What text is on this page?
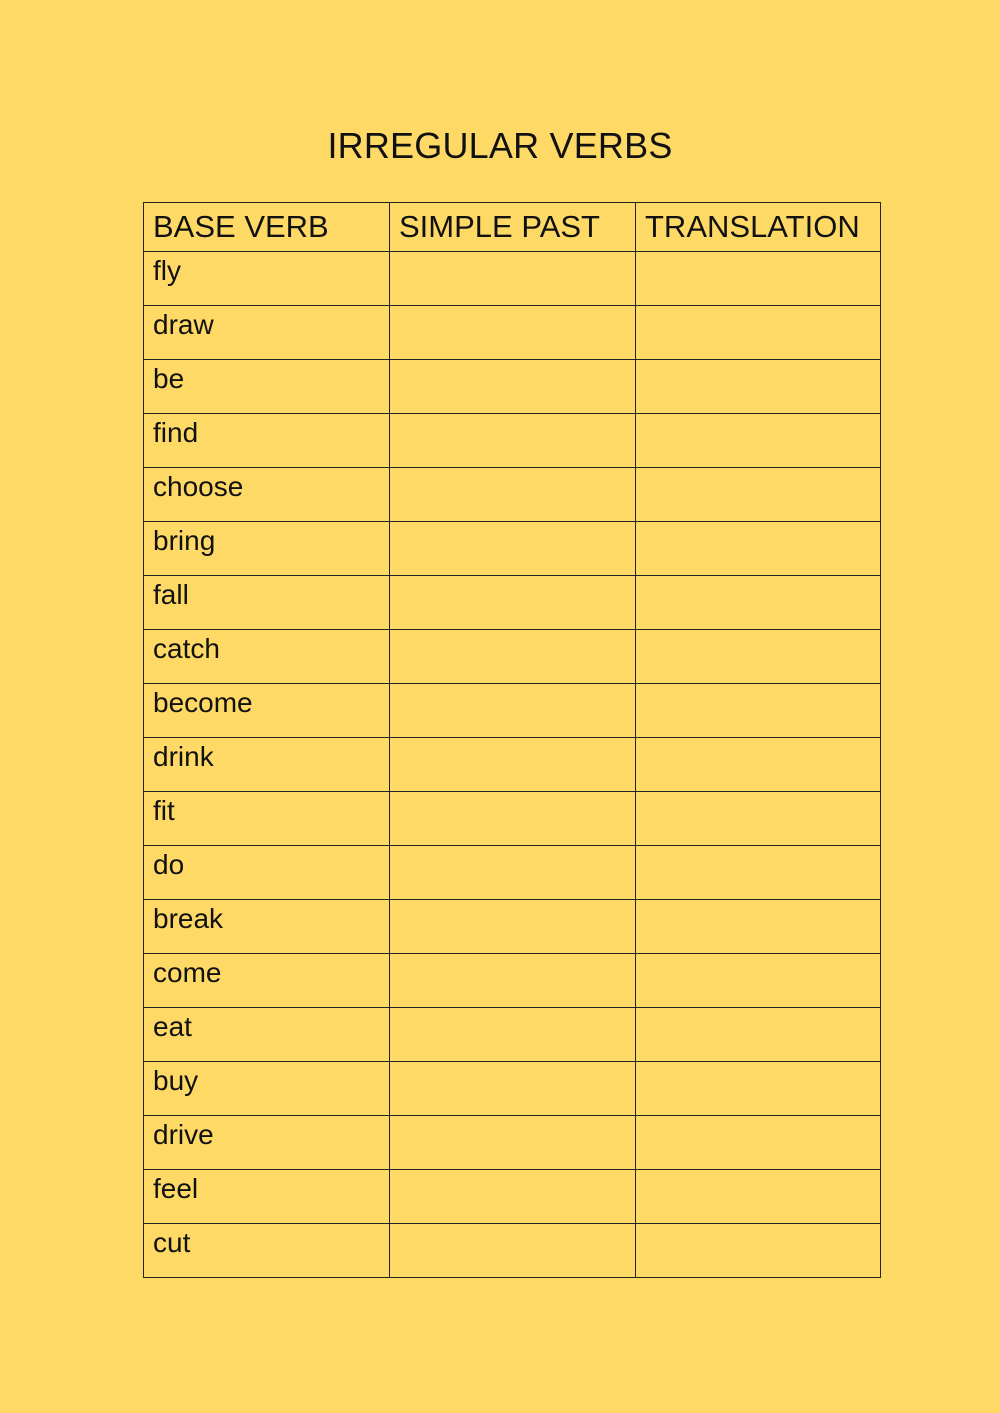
IRREGULAR VERBS
BASE VERB	SIMPLE PAST	TRANSLATION
fly		
draw		
be		
find		
choose		
bring		
fall		
catch		
become		
drink		
fit		
do		
break		
come		
eat		
buy		
drive		
feel		
cut		
